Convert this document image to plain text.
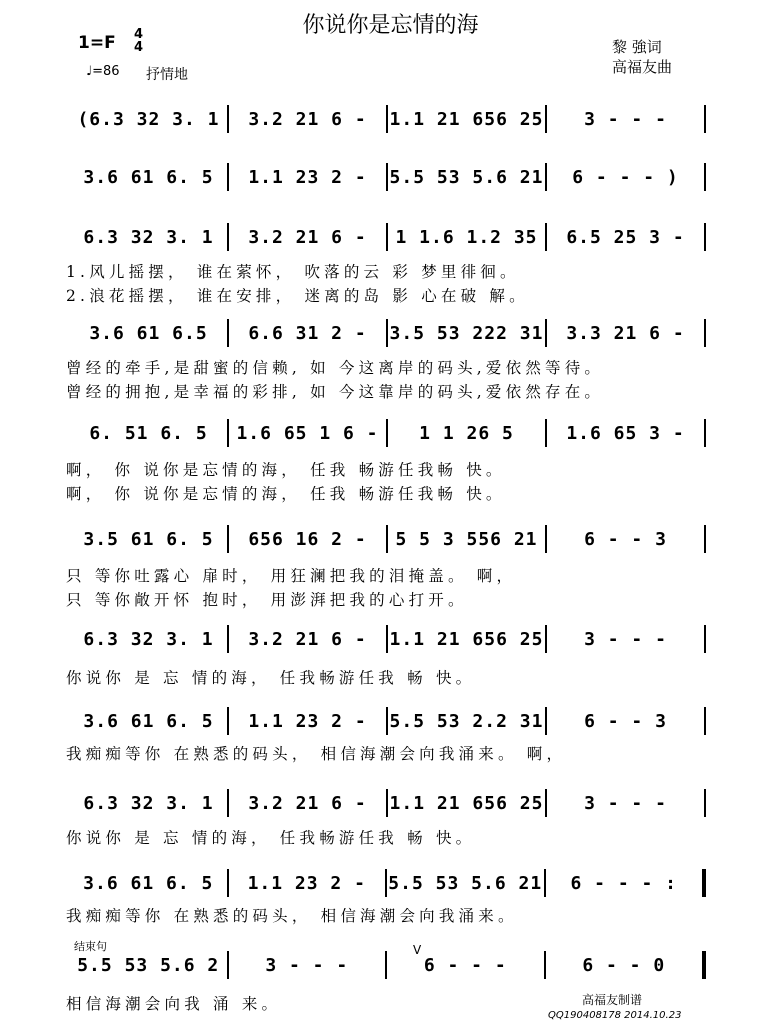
你说你是忘情的海
1=F 4
4
♩=86 抒情地
黎 強词
高福友曲
(6.3 32 3. 1	3.2 21 6 -	1.1 21 656 25	3 - - -
3.6 61 6. 5	1.1 23 2 -	5.5 53 5.6 21	6 - - - )
6.3 32 3. 1	3.2 21 6 -	1 1.6 1.2 35	6.5 25 3 -
1.风儿摇摆， 谁在萦怀， 吹落的云 彩 梦里徘徊。
2.浪花摇摆， 谁在安排， 迷离的岛 影 心在破 解。
3.6 61 6.5	6.6 31 2 -	3.5 53 222 31	3.3 21 6 -
曾经的牵手,是甜蜜的信赖, 如 今这离岸的码头,爱依然等待。
曾经的拥抱,是幸福的彩排, 如 今这靠岸的码头,爱依然存在。
6. 51 6. 5	1.6 65 1 6 -	1 1 26 5	1.6 65 3 -
啊， 你 说你是忘情的海， 任我 畅游任我畅 快。
啊， 你 说你是忘情的海， 任我 畅游任我畅 快。
3.5 61 6. 5	656 16 2 -	5 5 3 556 21	6 - - 3
只 等你吐露心 扉时， 用狂澜把我的泪掩盖。 啊，
只 等你敞开怀 抱时， 用澎湃把我的心打开。
6.3 32 3. 1	3.2 21 6 -	1.1 21 656 25	3 - - -
你说你 是 忘 情的海， 任我畅游任我 畅 快。
3.6 61 6. 5	1.1 23 2 -	5.5 53 2.2 31	6 - - 3
我痴痴等你 在熟悉的码头， 相信海潮会向我涌来。 啊，
6.3 32 3. 1	3.2 21 6 -	1.1 21 656 25	3 - - -
你说你 是 忘 情的海， 任我畅游任我 畅 快。
3.6 61 6. 5	1.1 23 2 -	5.5 53 5.6 21	6 - - - :
我痴痴等你 在熟悉的码头， 相信海潮会向我涌来。
结束句	V
5.5 53 5.6 2	3 - - -	6 - - -	6 - - 0
相信海潮会向我 涌 来。	高福友制谱
QQ190408178 2014.10.23
